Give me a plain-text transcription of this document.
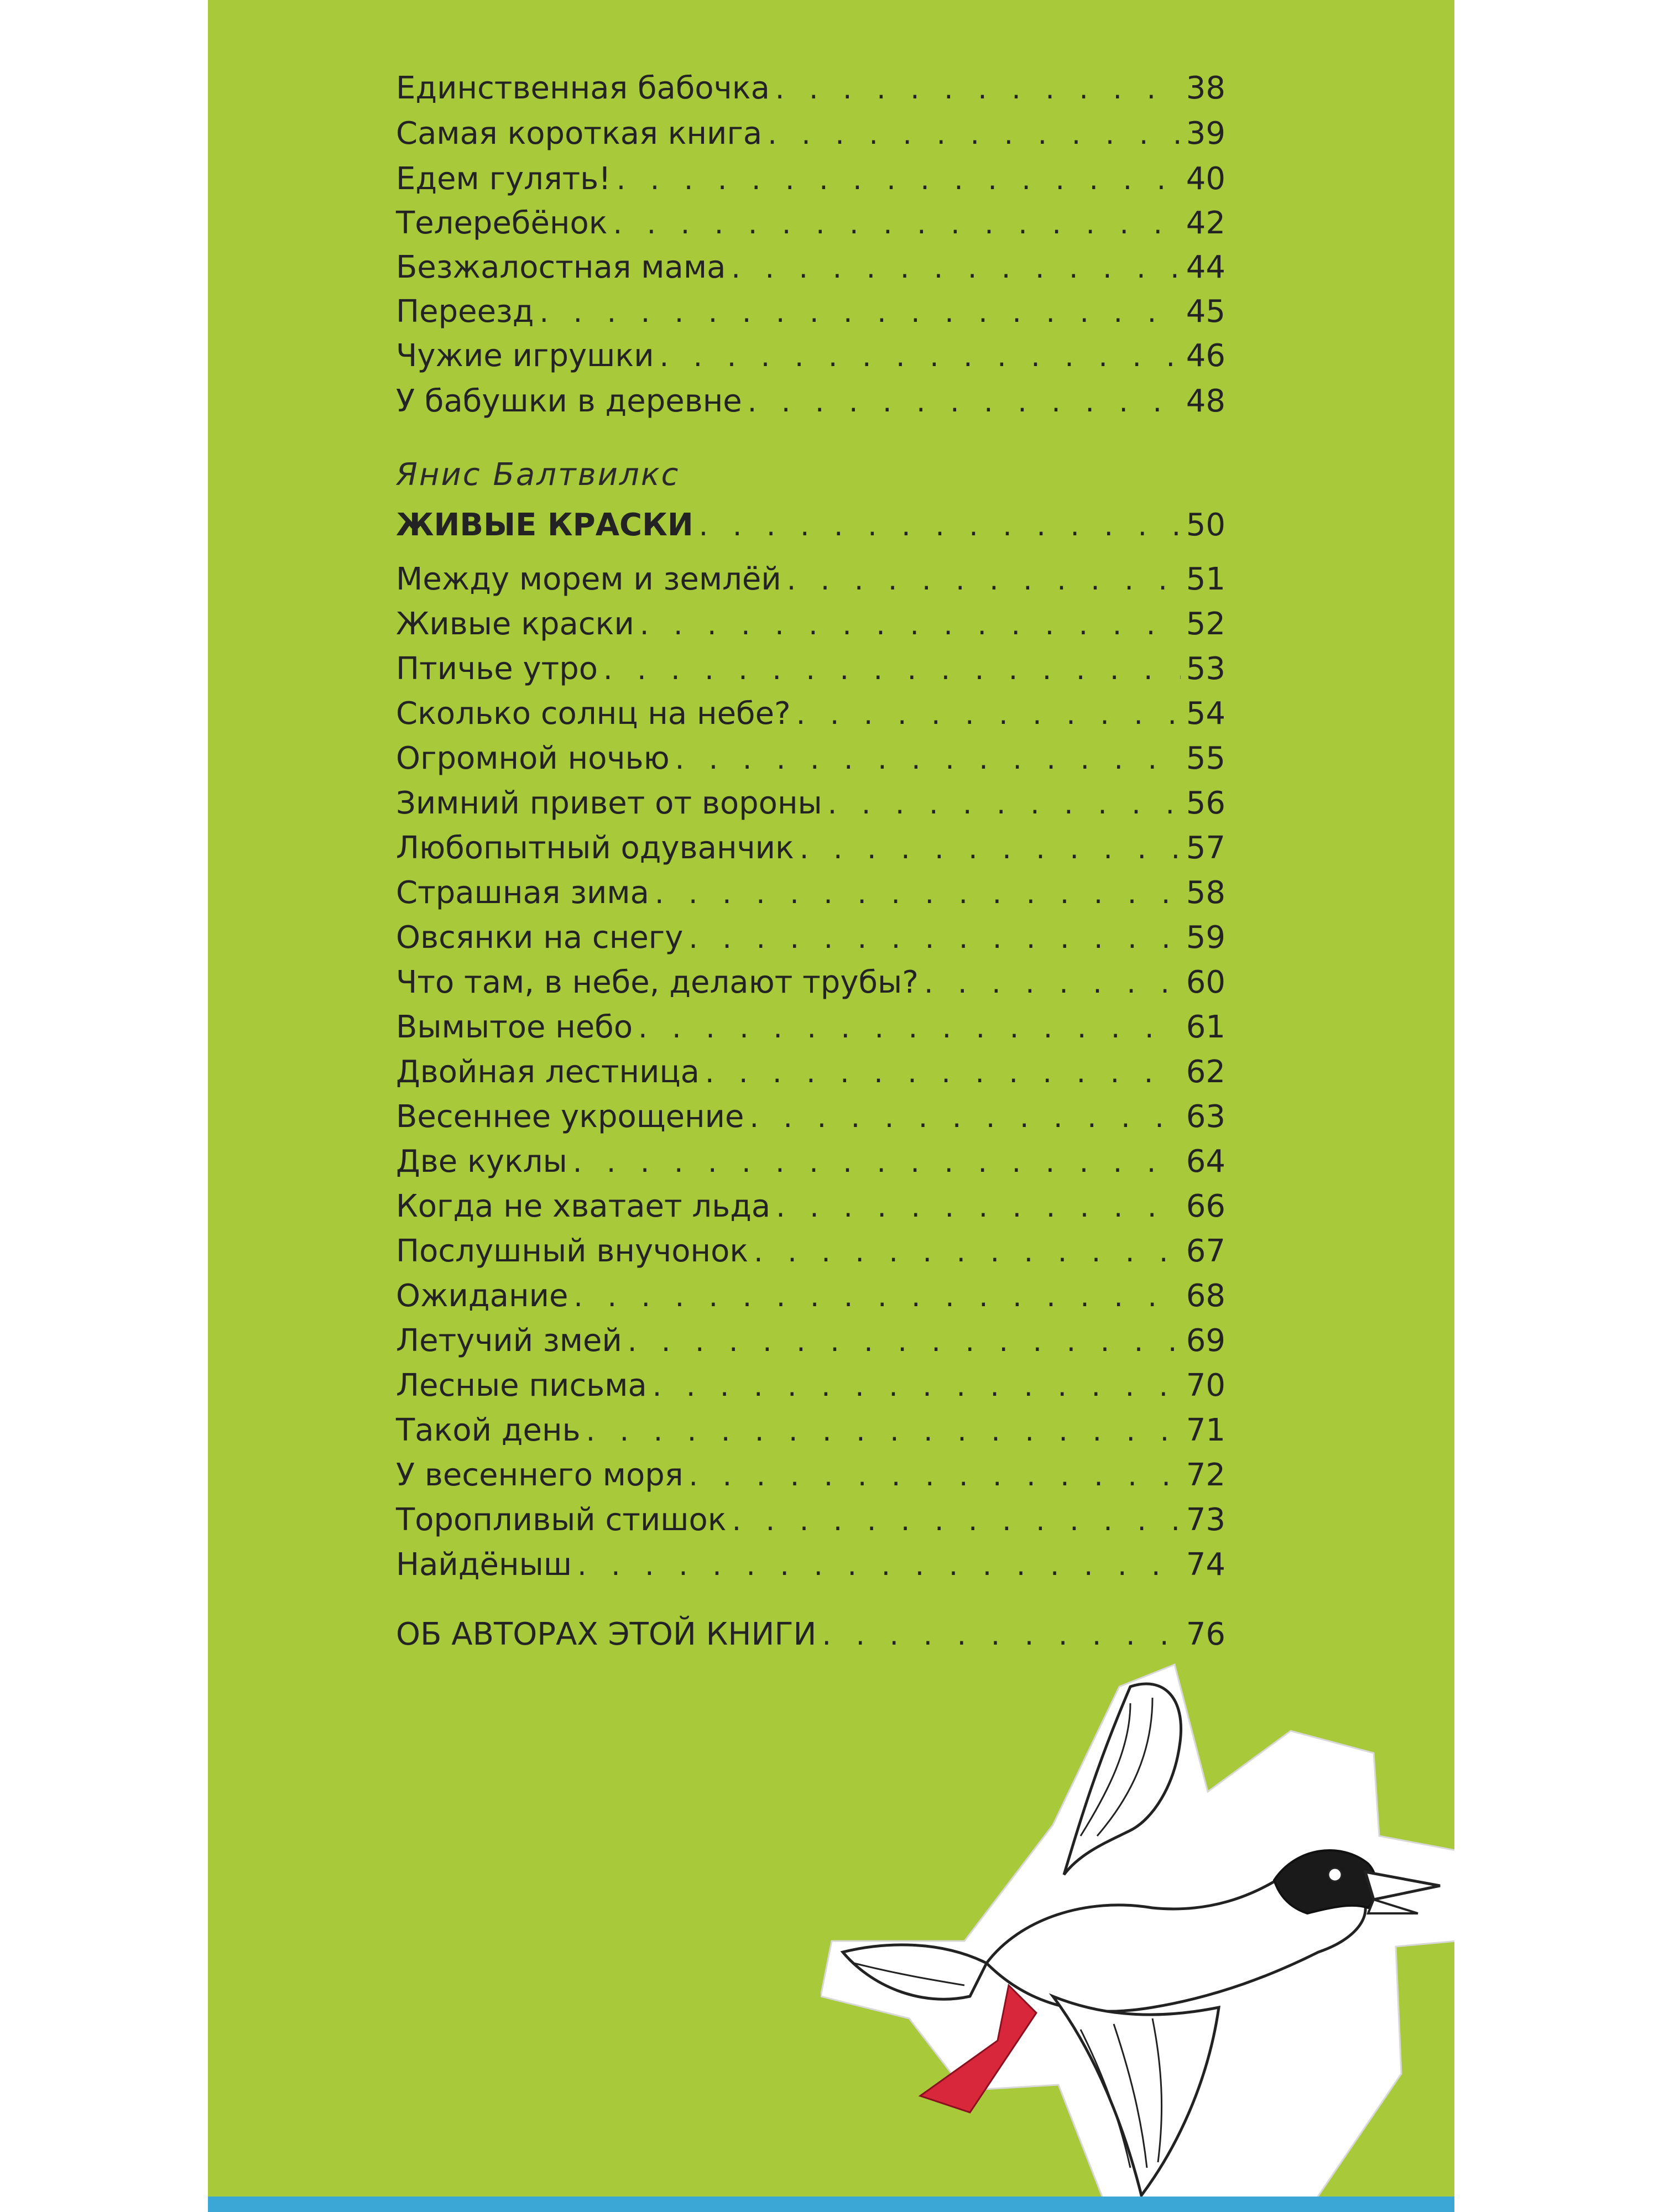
Единственная бабочка . . .	38
Самая короткая книга . . .	39
Едем гулять! . . .	40
Телеребёнок . . .	42
Безжалостная мама . . .	44
Переезд . . .	45
Чужие игрушки . . .	46
У бабушки в деревне . . .	48
Янис Балтвилкс
ЖИВЫЕ КРАСКИ . . .	50
Между морем и землёй . . .	51
Живые краски . . .	52
Птичье утро . . .	53
Сколько солнц на небе? . . .	54
Огромной ночью . . .	55
Зимний привет от вороны . . .	56
Любопытный одуванчик . . .	57
Страшная зима . . .	58
Овсянки на снегу . . .	59
Что там, в небе, делают трубы? . . .	60
Вымытое небо . . .	61
Двойная лестница . . .	62
Весеннее укрощение . . .	63
Две куклы . . .	64
Когда не хватает льда . . .	66
Послушный внучонок . . .	67
Ожидание . . .	68
Летучий змей . . .	69
Лесные письма . . .	70
Такой день . . .	71
У весеннего моря . . .	72
Торопливый стишок . . .	73
Найдёныш . . .	74
ОБ АВТОРАХ ЭТОЙ КНИГИ . . .	76
